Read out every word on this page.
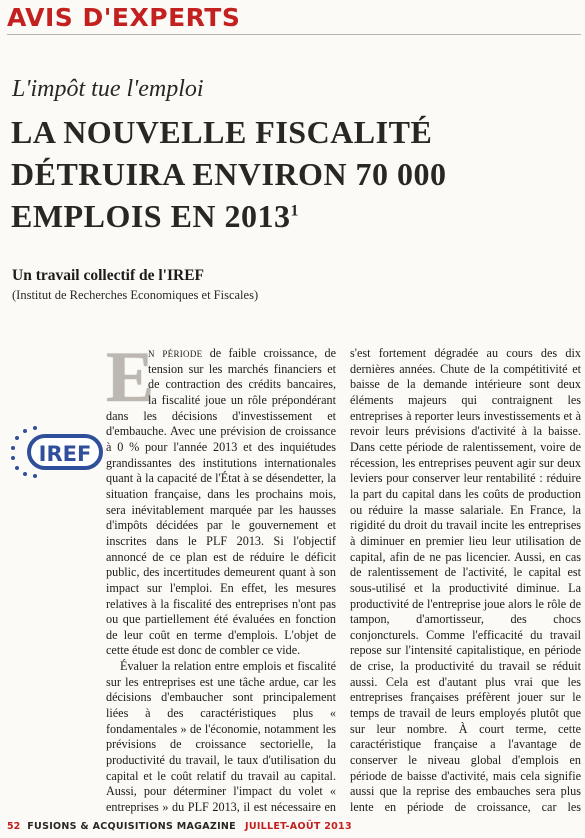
AVIS D'EXPERTS
L'impôt tue l'emploi
LA NOUVELLE FISCALITÉ
DÉTRUIRA ENVIRON 70 000
EMPLOIS EN 2013$^1$
Un travail collectif de l'IREF
(Institut de Recherches Economiques et Fiscales)
IREF

E
n période de faible croissance, de tension sur les marchés financiers et de contraction des crédits bancaires, la fiscalité joue un rôle prépondérant dans les décisions d'investissement et d'embauche. Avec une prévision de croissance à 0 % pour l'année 2013 et des inquiétudes grandissantes des institutions internationales quant à la capacité de l'État à se désendetter, la situation française, dans les prochains mois, sera inévitablement marquée par les hausses d'impôts décidées par le gouvernement et inscrites dans le PLF 2013. Si l'objectif annoncé de ce plan est de réduire le déficit public, des incertitudes demeurent quant à son impact sur l'emploi. En effet, les mesures relatives à la fiscalité des entreprises n'ont pas ou que partiellement été évaluées en fonction de leur coût en terme d'emplois. L'objet de cette étude est donc de combler ce vide.

Évaluer la relation entre emplois et fiscalité sur les entreprises est une tâche ardue, car les décisions d'embaucher sont principalement liées à des caractéristiques plus « fondamentales » de l'économie, notamment les prévisions de croissance sectorielle, la productivité du travail, le taux d'utilisation du capital et le coût relatif du travail au capital. Aussi, pour déterminer l'impact du volet « entreprises » du PLF 2013, il est nécessaire en

s'est fortement dégradée au cours des dix dernières années. Chute de la compétitivité et baisse de la demande intérieure sont deux éléments majeurs qui contraignent les entreprises à reporter leurs investissements et à revoir leurs prévisions d'activité à la baisse. Dans cette période de ralentissement, voire de récession, les entreprises peuvent agir sur deux leviers pour conserver leur rentabilité : réduire la part du capital dans les coûts de production ou réduire la masse salariale. En France, la rigidité du droit du travail incite les entreprises à diminuer en premier lieu leur utilisation de capital, afin de ne pas licencier. Aussi, en cas de ralentissement de l'activité, le capital est sous-utilisé et la productivité diminue. La productivité de l'entreprise joue alors le rôle de tampon, d'amortisseur, des chocs conjoncturels. Comme l'efficacité du travail repose sur l'intensité capitalistique, en période de crise, la productivité du travail se réduit aussi. Cela est d'autant plus vrai que les entreprises françaises préfèrent jouer sur le temps de travail de leurs employés plutôt que sur leur nombre. À court terme, cette caractéristique française a l'avantage de conserver le niveau global d'emplois en période de baisse d'activité, mais cela signifie aussi que la reprise des embauches sera plus lente en période de croissance, car les

52 FUSIONS & ACQUISITIONS MAGAZINE JUILLET-AOÛT 2013
